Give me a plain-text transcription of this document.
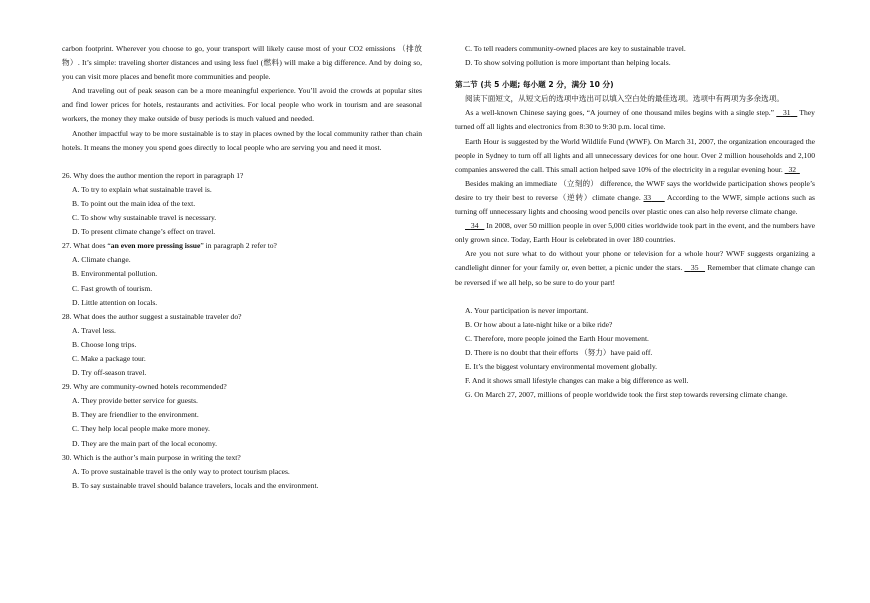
carbon footprint. Wherever you choose to go, your transport will likely cause most of your CO2 emissions （排放物）. It’s simple: traveling shorter distances and using less fuel (燃料) will make a big difference. And by doing so, you can visit more places and benefit more communities and people.

And traveling out of peak season can be a more meaningful experience. You’ll avoid the crowds at popular sites and find lower prices for hotels, restaurants and activities. For local people who work in tourism and are seasonal workers, the money they make outside of busy periods is much valued and needed.

Another impactful way to be more sustainable is to stay in places owned by the local community rather than chain hotels. It means the money you spend goes directly to local people who are serving you and need it most.

26. Why does the author mention the report in paragraph 1?

A. To try to explain what sustainable travel is.

B. To point out the main idea of the text.

C. To show why sustainable travel is necessary.

D. To present climate change’s effect on travel.

27. What does “an even more pressing issue” in paragraph 2 refer to?

A. Climate change.

B. Environmental pollution.

C. Fast growth of tourism.

D. Little attention on locals.

28. What does the author suggest a sustainable traveler do?

A. Travel less.

B. Choose long trips.

C. Make a package tour.

D. Try off-season travel.

29. Why are community-owned hotels recommended?

A. They provide better service for guests.

B. They are friendlier to the environment.

C. They help local people make more money.

D. They are the main part of the local economy.

30. Which is the author’s main purpose in writing the text?

A. To prove sustainable travel is the only way to protect tourism places.

B. To say sustainable travel should balance travelers, locals and the environment.

C. To tell readers community-owned places are key to sustainable travel.

D. To show solving pollution is more important than helping locals.

第二节 (共 5 小题; 每小题 2 分，满分 10 分)

阅读下面短文，从短文后的选项中选出可以填入空白处的最佳选项。选项中有两项为多余选项。

As a well-known Chinese saying goes, “A journey of one thousand miles begins with a single step.”    31    They turned off all lights and electronics from 8:30 to 9:30 p.m. local time.

Earth Hour is suggested by the World Wildlife Fund (WWF). On March 31, 2007, the organization encouraged the people in Sydney to turn off all lights and all unnecessary devices for one hour. Over 2 million households and 2,100 companies answered the call. This small action helped save 10% of the electricity in a regular evening hour.   32

Besides making an immediate （立刻的） difference, the WWF says the worldwide participation shows people’s desire to try their best to reverse（逆转）climate change. 33      According to the WWF, simple actions such as turning off unnecessary lights and choosing wood pencils over plastic ones can also help reverse climate change.

34    In 2008, over 50 million people in over 5,000 cities worldwide took part in the event, and the numbers have only grown since. Today, Earth Hour is celebrated in over 180 countries.

Are you not sure what to do without your phone or television for a whole hour? WWF suggests organizing a candlelight dinner for your family or, even better, a picnic under the stars.    35    Remember that climate change can be reversed if we all help, so be sure to do your part!

A. Your participation is never important.

B. Or how about a late-night hike or a bike ride?

C. Therefore, more people joined the Earth Hour movement.

D. There is no doubt that their efforts （努力）have paid off.

E. It’s the biggest voluntary environmental movement globally.

F. And it shows small lifestyle changes can make a big difference as well.

G. On March 27, 2007, millions of people worldwide took the first step towards reversing climate change.
